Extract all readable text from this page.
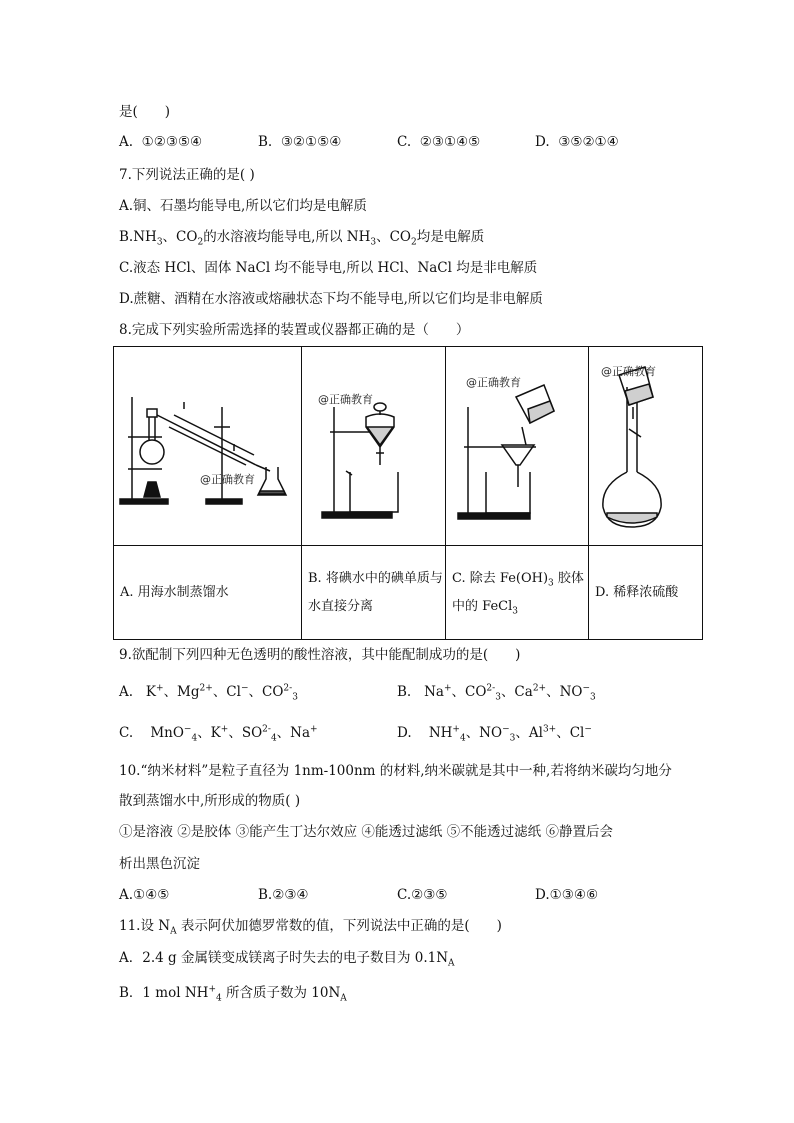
是(　　)
A. ①②③⑤④	B. ③②①⑤④	C. ②③①④⑤	D. ③⑤②①④
7.下列说法正确的是( )
A.铜、石墨均能导电,所以它们均是电解质
$B.NH_3$、$CO_2$的水溶液均能导电,所以 $NH_3$、$CO_2$均是电解质
C.液态 HCl、固体 NaCl 均不能导电,所以 HCl、NaCl 均是非电解质
D.蔗糖、酒精在水溶液或熔融状态下均不能导电,所以它们均是非电解质
8.完成下列实验所需选择的装置或仪器都正确的是（　　）
@正确教育	@正确教育	@正确教育	@正确教育

A. 用海水制蒸馏水	B. 将碘水中的碘单质与水直接分离	C. 除去 $Fe(OH)_3$ 胶体中的 FeCl$_3$	D. 稀释浓硫酸
9.欲配制下列四种无色透明的酸性溶液，其中能配制成功的是(　　)
A. K+、$Mg^{2+}$、Cl−、$CO^{2-}_3$	B. Na+、$CO^{2-}_3$、$Ca^{2+}$、$NO^-_3$
C. MnO−$_4$、K+、$SO^{2-}_4$、Na+	D. $NH^+_4$、$NO^-_3$、$Al^{3+}$、Cl−
10.“纳米材料”是粒子直径为 1nm-100nm 的材料,纳米碳就是其中一种,若将纳米碳均匀地分
散到蒸馏水中,所形成的物质( )
①是溶液 ②是胶体 ③能产生丁达尔效应 ④能透过滤纸 ⑤不能透过滤纸 ⑥静置后会
析出黑色沉淀
A.①④⑤	B.②③④	C.②③⑤	D.①③④⑥
11.设 $N_A$ 表示阿伏加德罗常数的值，下列说法中正确的是(　　)
A．2.4 g 金属镁变成镁离子时失去的电子数目为 $0.1N_A$
B．1 mol $NH^+_4$ 所含质子数为 $10N_A$
